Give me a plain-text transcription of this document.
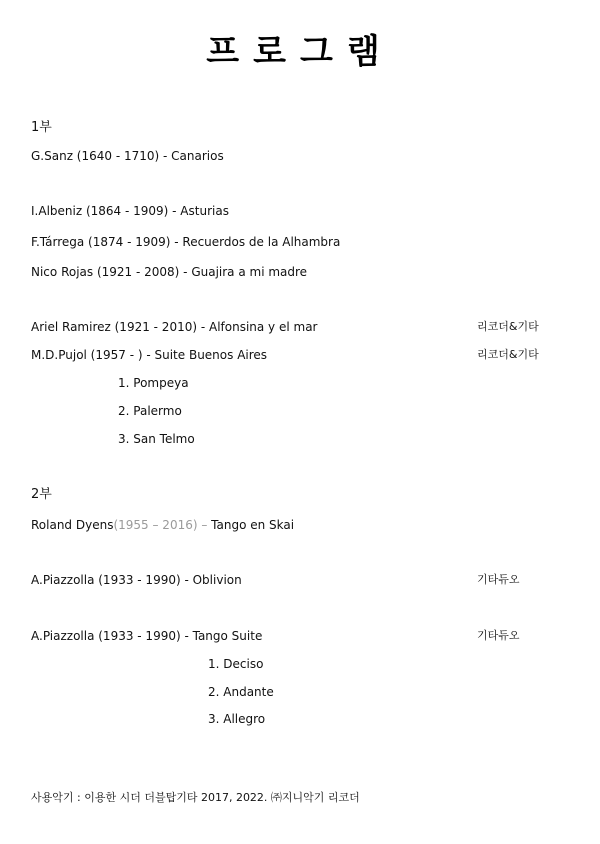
프로그램
1부
G.Sanz (1640 - 1710) - Canarios
I.Albeniz (1864 - 1909) - Asturias
F.Tárrega (1874 - 1909) - Recuerdos de la Alhambra
Nico Rojas (1921 - 2008) - Guajira a mi madre
Ariel Ramirez (1921 - 2010) - Alfonsina y el mar	리코더&기타
M.D.Pujol (1957 - ) - Suite Buenos Aires	리코더&기타
1. Pompeya
2. Palermo
3. San Telmo
2부
Roland Dyens(1955 – 2016) – Tango en Skai
A.Piazzolla (1933 - 1990) - Oblivion	기타듀오
A.Piazzolla (1933 - 1990) - Tango Suite	기타듀오
1. Deciso
2. Andante
3. Allegro
사용악기 : 이용한 시더 더블탑기타 2017, 2022. ㈜지니악기 리코더
